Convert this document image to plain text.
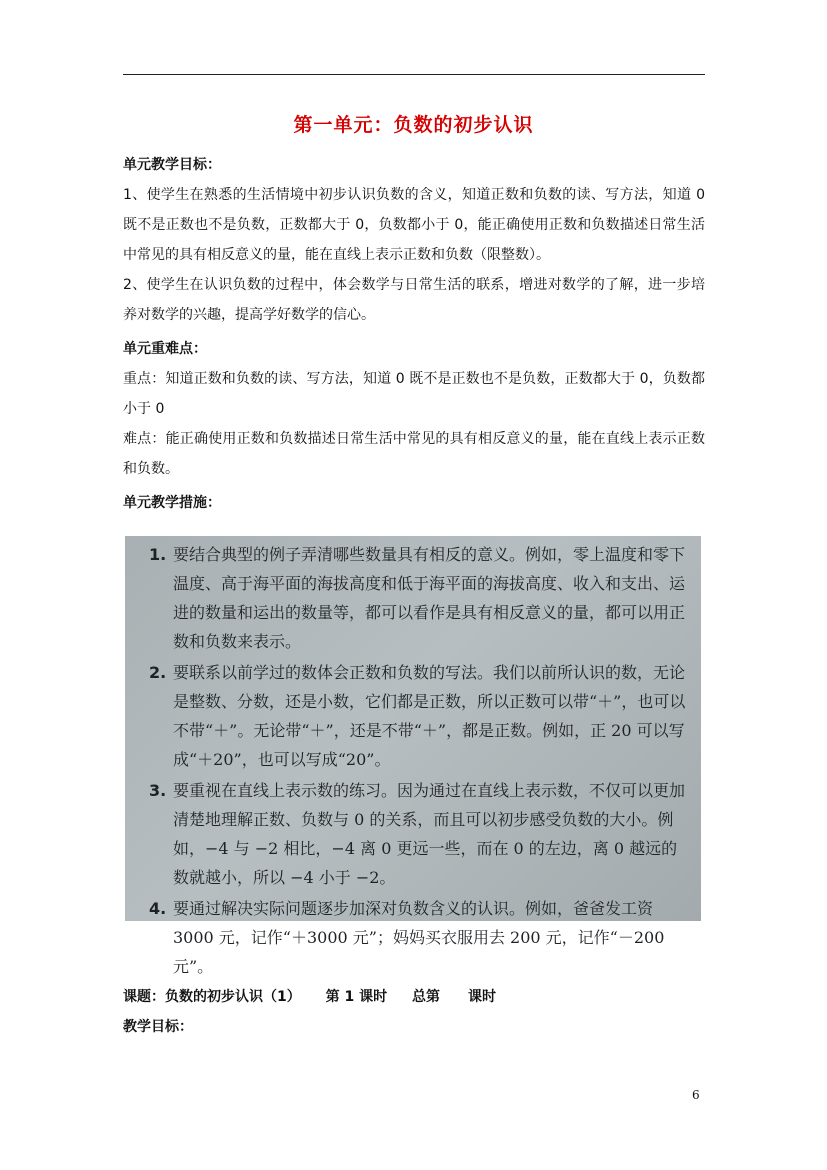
第一单元：负数的初步认识

单元教学目标：

1、使学生在熟悉的生活情境中初步认识负数的含义，知道正数和负数的读、写方法，知道 0 既不是正数也不是负数，正数都大于 0，负数都小于 0，能正确使用正数和负数描述日常生活中常见的具有相反意义的量，能在直线上表示正数和负数（限整数）。

2、使学生在认识负数的过程中，体会数学与日常生活的联系，增进对数学的了解，进一步培养对数学的兴趣，提高学好数学的信心。

单元重难点：

重点：知道正数和负数的读、写方法，知道 0 既不是正数也不是负数，正数都大于 0，负数都小于 0

难点：能正确使用正数和负数描述日常生活中常见的具有相反意义的量，能在直线上表示正数和负数。

单元教学措施：

1. 要结合典型的例子弄清哪些数量具有相反的意义。例如，零上温度和零下温度、高于海平面的海拔高度和低于海平面的海拔高度、收入和支出、运进的数量和运出的数量等，都可以看作是具有相反意义的量，都可以用正数和负数来表示。
2. 要联系以前学过的数体会正数和负数的写法。我们以前所认识的数，无论是整数、分数，还是小数，它们都是正数，所以正数可以带“＋”，也可以不带“＋”。无论带“＋”，还是不带“＋”，都是正数。例如，正 20 可以写成“＋20”，也可以写成“20”。
3. 要重视在直线上表示数的练习。因为通过在直线上表示数，不仅可以更加清楚地理解正数、负数与 0 的关系，而且可以初步感受负数的大小。例如，−4 与 −2 相比，−4 离 0 更远一些，而在 0 的左边，离 0 越远的数就越小，所以 −4 小于 −2。
4. 要通过解决实际问题逐步加深对负数含义的认识。例如，爸爸发工资 3000 元，记作“＋3000 元”；妈妈买衣服用去 200 元，记作“－200 元”。
课题：负数的初步认识（1） 第 1 课时 总第　　课时
教学目标：
6
